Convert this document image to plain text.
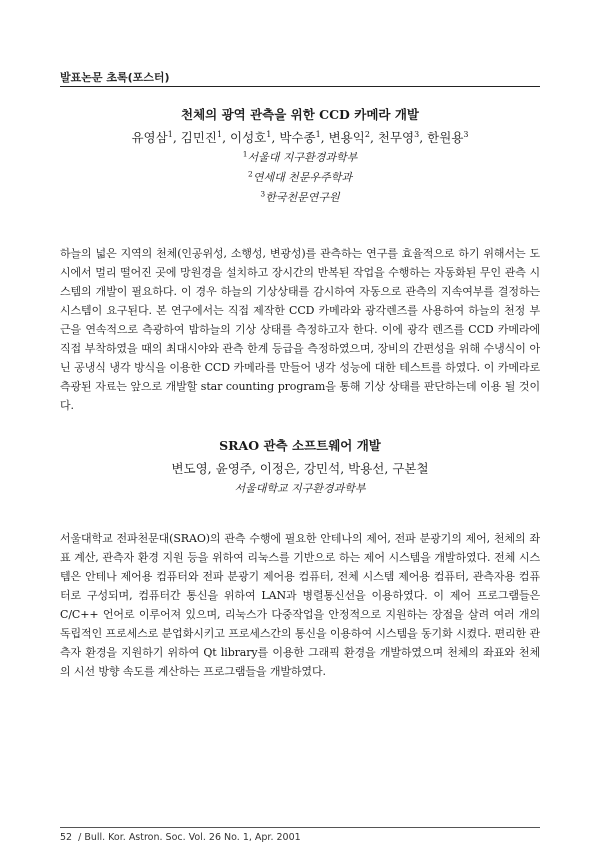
발표논문 초록(포스터)

천체의 광역 관측을 위한 CCD 카메라 개발

유영삼$^1$, 김민진$^1$, 이성호$^1$, 박수종$^1$, 변용익$^2$, 천무영$^3$, 한원용$^3$

$^1$서울대 지구환경과학부

$^2$연세대 천문우주학과

$^3$한국천문연구원

하늘의 넓은 지역의 천체(인공위성, 소행성, 변광성)를 관측하는 연구를 효율적으로 하기 위해서는 도시에서 멀리 떨어진 곳에 망원경을 설치하고 장시간의 반복된 작업을 수행하는 자동화된 무인 관측 시스템의 개발이 필요하다. 이 경우 하늘의 기상상태를 감시하여 자동으로 관측의 지속여부를 결정하는 시스템이 요구된다. 본 연구에서는 직접 제작한 CCD 카메라와 광각렌즈를 사용하여 하늘의 천정 부근을 연속적으로 측광하여 밤하늘의 기상 상태를 측정하고자 한다. 이에 광각 렌즈를 CCD 카메라에 직접 부착하였을 때의 최대시야와 관측 한계 등급을 측정하였으며, 장비의 간편성을 위해 수냉식이 아닌 공냉식 냉각 방식을 이용한 CCD 카메라를 만들어 냉각 성능에 대한 테스트를 하였다. 이 카메라로 측광된 자료는 앞으로 개발할 star counting program을 통해 기상 상태를 판단하는데 이용 될 것이다.

SRAO 관측 소프트웨어 개발

변도영, 윤영주, 이정은, 강민석, 박용선, 구본철

서울대학교 지구환경과학부

서울대학교 전파천문대(SRAO)의 관측 수행에 필요한 안테나의 제어, 전파 분광기의 제어, 천체의 좌표 계산, 관측자 환경 지원 등을 위하여 리눅스를 기반으로 하는 제어 시스템을 개발하였다. 전체 시스템은 안테나 제어용 컴퓨터와 전파 분광기 제어용 컴퓨터, 전체 시스템 제어용 컴퓨터, 관측자용 컴퓨터로 구성되며, 컴퓨터간 통신을 위하여 LAN과 병렬통신선을 이용하였다. 이 제어 프로그램들은 C/C++ 언어로 이루어져 있으며, 리눅스가 다중작업을 안정적으로 지원하는 장점을 살려 여러 개의 독립적인 프로세스로 분업화시키고 프로세스간의 통신을 이용하여 시스템을 동기화 시켰다. 편리한 관측자 환경을 지원하기 위하여 Qt library를 이용한 그래픽 환경을 개발하였으며 천체의 좌표와 천체의 시선 방향 속도를 계산하는 프로그램들을 개발하였다.

52 / Bull. Kor. Astron. Soc. Vol. 26 No. 1, Apr. 2001
